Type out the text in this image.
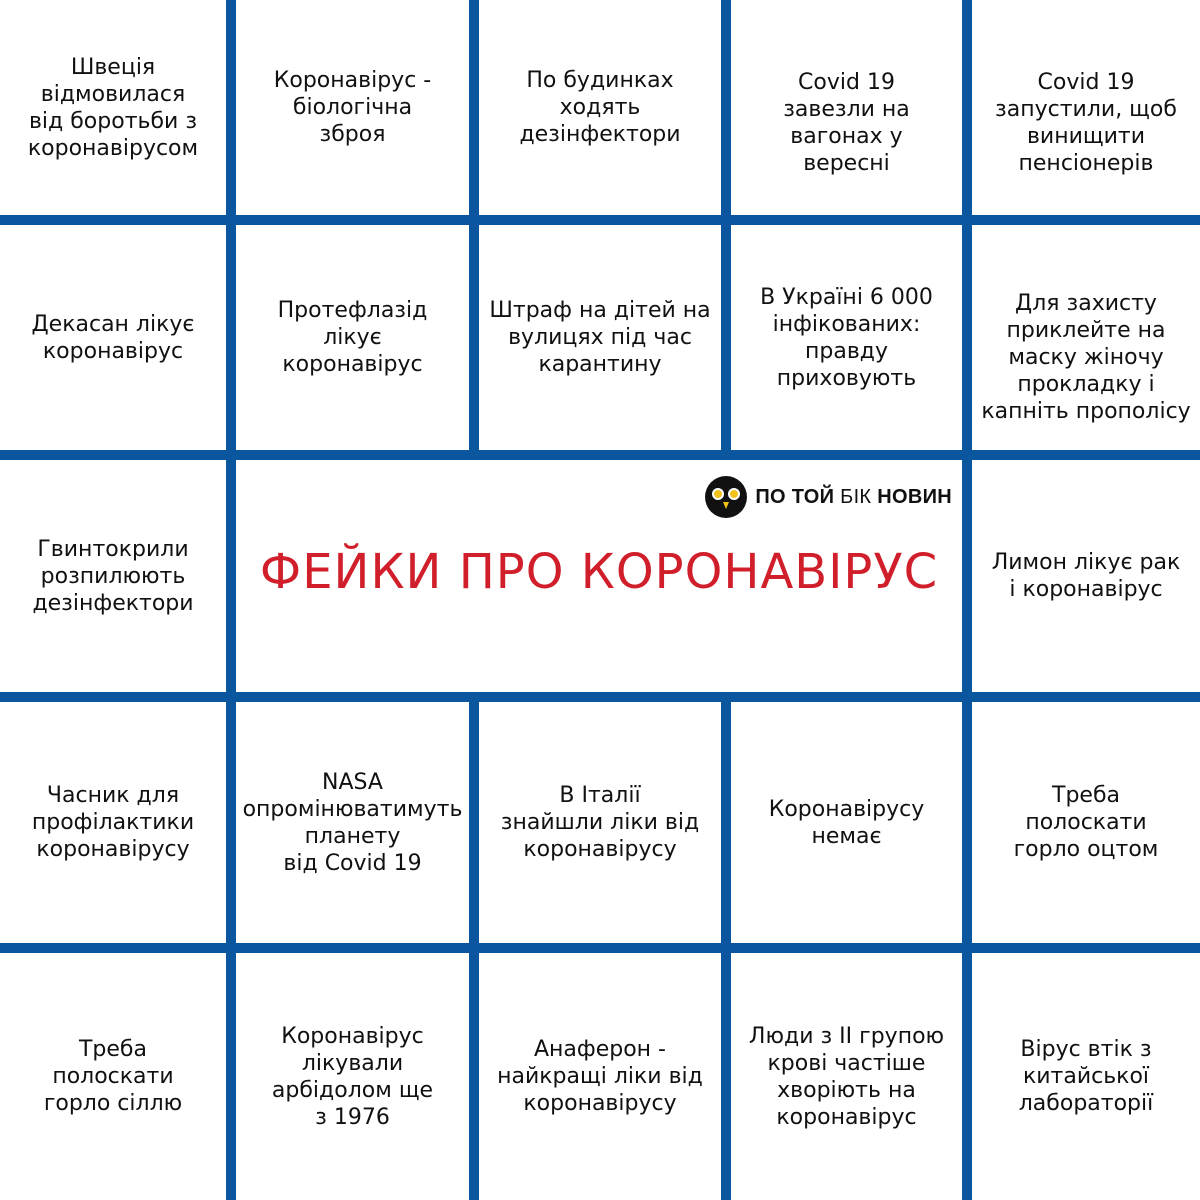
Швеція
відмовилася
від боротьби з
коронавірусом
Коронавірус -
біологічна
зброя
По будинках
ходять
дезінфектори
Covid 19
завезли на
вагонах у
вересні
Covid 19
запустили, щоб
винищити
пенсіонерів
Декасан лікує
коронавірус
Протефлазід
лікує
коронавірус
Штраф на дітей на
вулицях під час
карантину
В Україні 6 000
інфікованих:
правду
приховують
Для захисту
приклейте на
маску жіночу
прокладку і
капніть прополісу
Гвинтокрили
розпилюють
дезінфектори
ПО ТОЙ БІК НОВИН
ФЕЙКИ ПРО КОРОНАВІРУС	Лимон лікує рак
і коронавірус
Часник для
профілактики
коронавірусу
NASA
опромінюватимуть
планету
від Covid 19
В Італії
знайшли ліки від
коронавірусу
Коронавірусу
немає
Треба
полоскати
горло оцтом
Треба
полоскати
горло сіллю
Коронавірус
лікували
арбідолом ще
з 1976
Анаферон -
найкращі ліки від
коронавірусу
Люди з II групою
крові частіше
хворіють на
коронавірус
Вірус втік з
китайської
лабораторії
